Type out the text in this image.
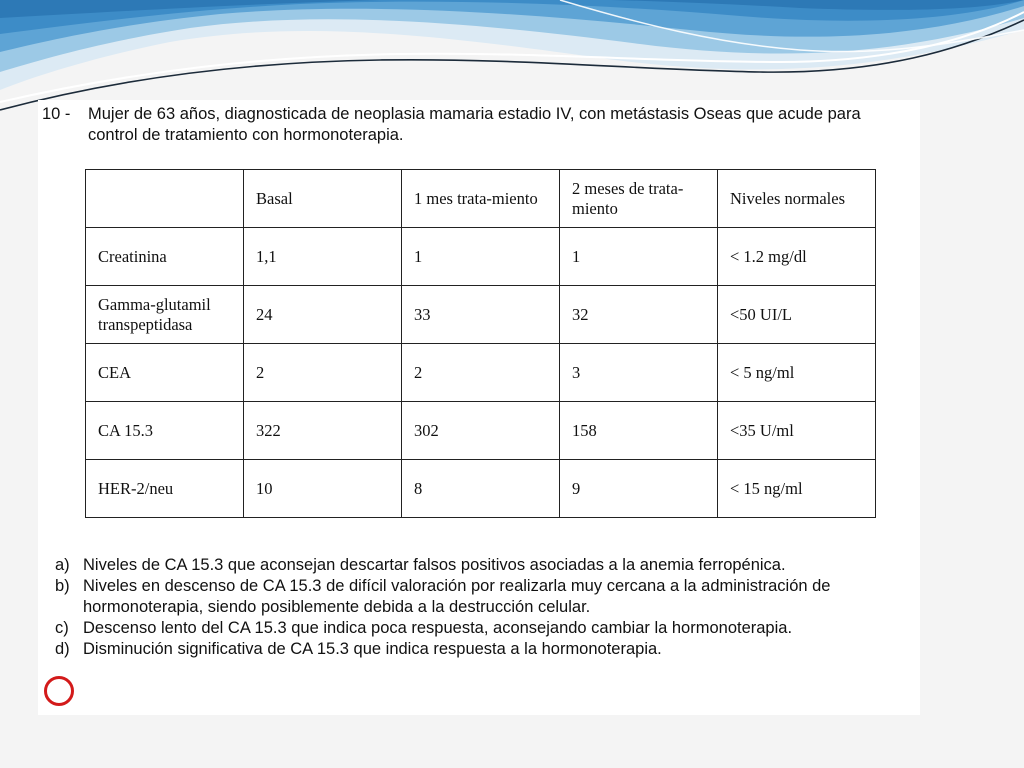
10 -	Mujer de 63 años, diagnosticada de neoplasia mamaria estadio IV, con metástasis Oseas que acude para control de tratamiento con hormonoterapia.
	Basal	1 mes trata-miento	2 meses de trata-miento	Niveles normales
Creatinina	1,1	1	1	< 1.2 mg/dl
Gamma-glutamil transpeptidasa	24	33	32	<50 UI/L
CEA	2	2	3	< 5 ng/ml
CA 15.3	322	302	158	<35 U/ml
HER-2/neu	10	8	9	< 15 ng/ml
a) Niveles de CA 15.3 que aconsejan descartar falsos positivos asociadas a la anemia ferropénica.
b) Niveles en descenso de CA 15.3 de difícil valoración por realizarla muy cercana a la administración de hormonoterapia, siendo posiblemente debida a la destrucción celular.
c) Descenso lento del CA 15.3 que indica poca respuesta, aconsejando cambiar la hormonoterapia.
d) Disminución significativa de CA 15.3 que indica respuesta a la hormonoterapia.
